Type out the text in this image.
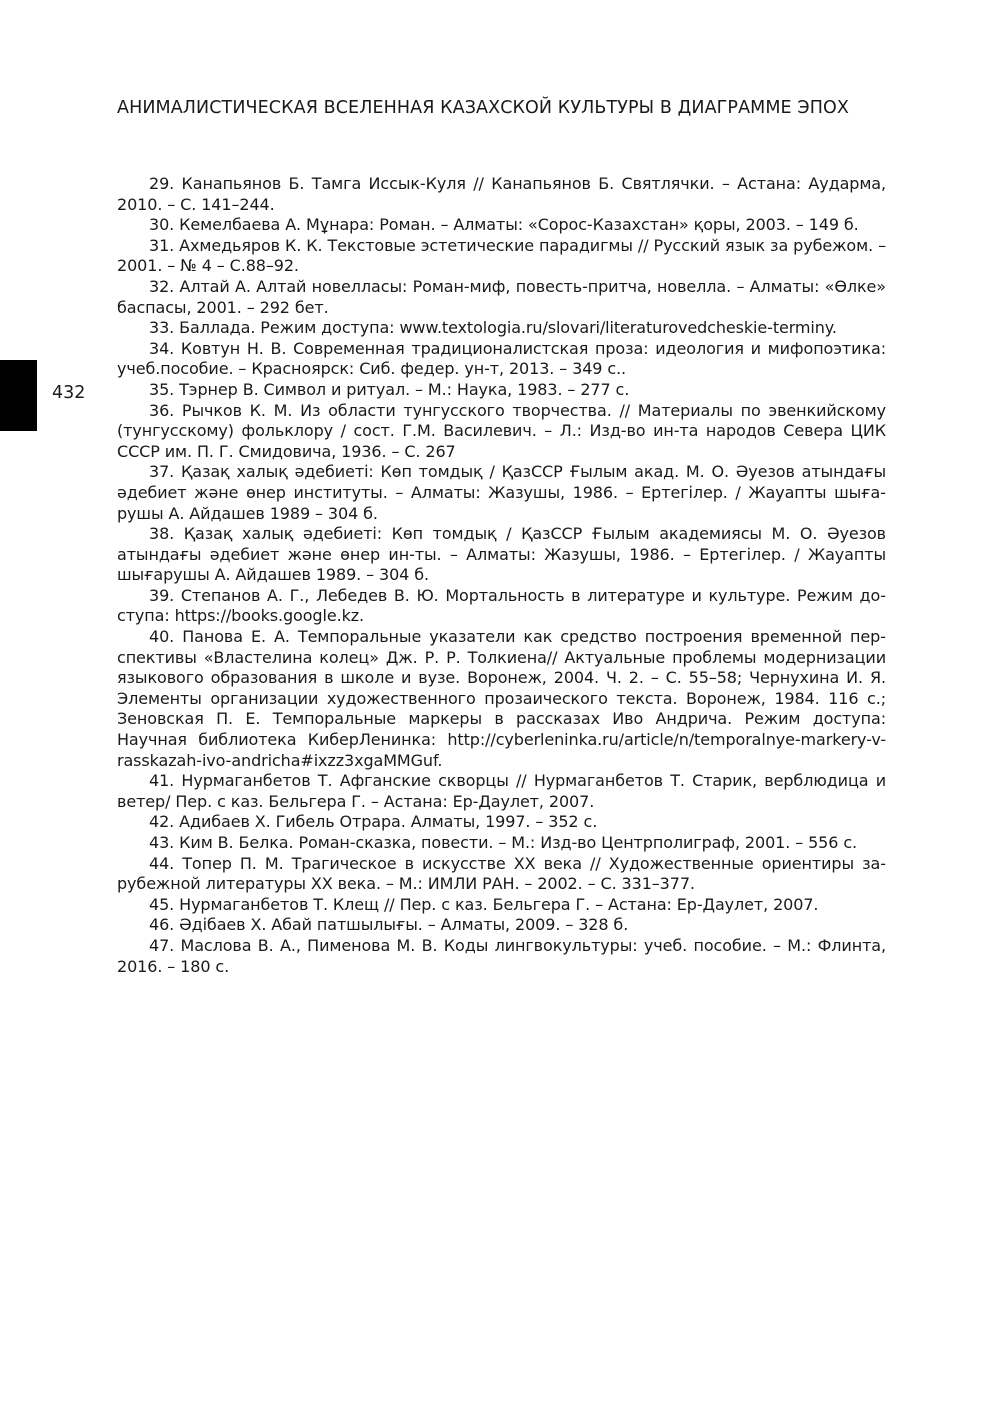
АНИМАЛИСТИЧЕСКАЯ ВСЕЛЕННАЯ КАЗАХСКОЙ КУЛЬТУРЫ В ДИАГРАММЕ ЭПОХ
432

29. Канапьянов Б. Тамга Иссык-Куля // Канапьянов Б. Святлячки. – Астана: Аударма, 2010. – С. 141–244.

30. Кемелбаева А. Мұнара: Роман. – Алматы: «Сорос-Казахстан» қоры, 2003. – 149 б.

31. Ахмедьяров К. К. Текстовые эстетические парадигмы // Русский язык за рубежом. – 2001. – № 4 – С.88–92.

32. Алтай А. Алтай новелласы: Роман-миф, повесть-притча, новелла. – Алматы: «Өлке» баспасы, 2001. – 292 бет.

33. Баллада. Режим доступа: www.textologia.ru/slovari/literaturovedcheskie-terminy.

34. Ковтун Н. В. Современная традиционалистская проза: идеология и мифопоэтика: учеб.пособие. – Красноярск: Сиб. федер. ун-т, 2013. – 349 с..

35. Тэрнер В. Символ и ритуал. – М.: Наука, 1983. – 277 с.

36. Рычков К. М. Из области тунгусского творчества. // Материалы по эвенкийскому (тунгусскому) фольклору / сост. Г.М. Василевич. – Л.: Изд-во ин-та народов Севера ЦИК СССР им. П. Г. Смидовича, 1936. – С. 267

37. Қазақ халық әдебиеті: Көп томдық / ҚазССР Ғылым акад. М. О. Әуезов атындағы әдебиет және өнер институты. – Алматы: Жазушы, 1986. – Ертегілер. / Жауапты шығарушы А. Айдашев 1989 – 304 б.

38. Қазақ халық әдебиеті: Көп томдық / ҚазССР Ғылым академиясы М. О. Әуезов атындағы әдебиет және өнер ин-ты. – Алматы: Жазушы, 1986. – Ертегілер. / Жауапты шығарушы А. Айдашев 1989. – 304 б.

39. Степанов А. Г., Лебедев В. Ю. Мортальность в литературе и культуре. Режим доступа: https://books.google.kz.

40. Панова Е. А. Темпоральные указатели как средство построения временной перспективы «Властелина колец» Дж. Р. Р. Толкиена// Актуальные проблемы модернизации языкового образования в школе и вузе. Воронеж, 2004. Ч. 2. – С. 55–58; Чернухина И. Я. Элементы организации художественного прозаического текста. Воронеж, 1984. 116 с.; Зеновская П. Е. Темпоральные маркеры в рассказах Иво Андрича. Режим доступа: Научная библиотека КиберЛенинка: http://cyberleninka.ru/article/n/temporalnye-markery-v-rasskazah-ivo-andricha#ixzz3xgaMMGuf.

41. Нурмаганбетов Т. Афганские скворцы // Нурмаганбетов Т. Старик, верблюдица и ветер/ Пер. с каз. Бельгера Г. – Астана: Ер-Даулет, 2007.

42. Адибаев Х. Гибель Отрара. Алматы, 1997. – 352 с.

43. Ким В. Белка. Роман-сказка, повести. – М.: Изд-во Центрполиграф, 2001. – 556 с.

44. Топер П. М. Трагическое в искусстве ХХ века // Художественные ориентиры зарубежной литературы XX века. – М.: ИМЛИ РАН. – 2002. – С. 331–377.

45. Нурмаганбетов Т. Клещ // Пер. с каз. Бельгера Г. – Астана: Ер-Даулет, 2007.

46. Әдібаев Х. Абай патшылығы. – Алматы, 2009. – 328 б.

47. Маслова В. А., Пименова М. В. Коды лингвокультуры: учеб. пособие. – М.: Флинта, 2016. – 180 с.
